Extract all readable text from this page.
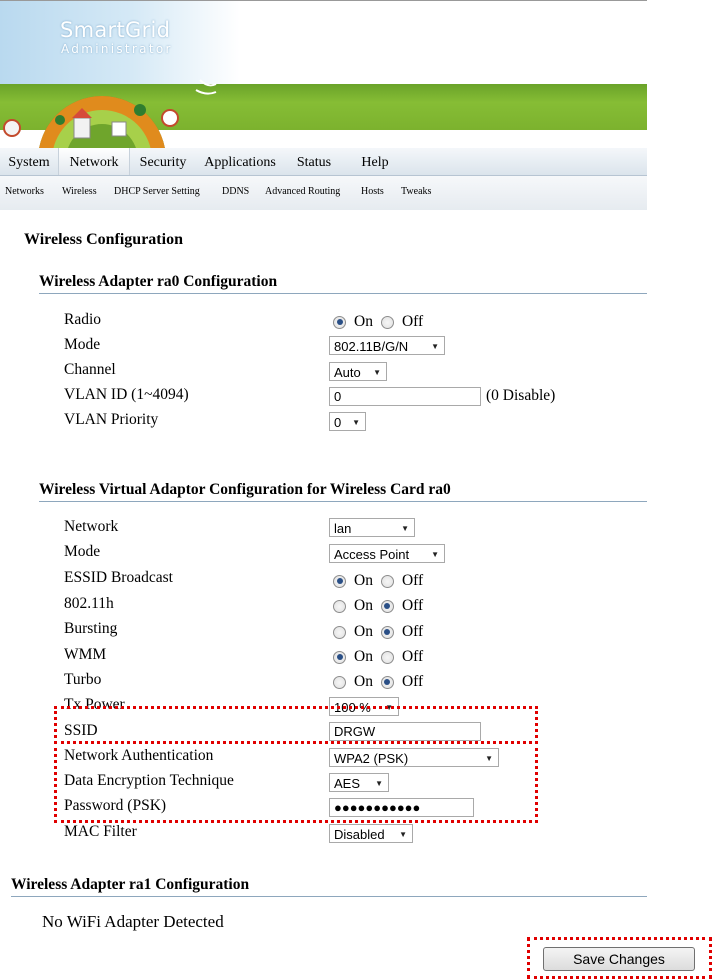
SmartGrid
Administrator
System	Network	Security	Applications	Status	Help
Networks Wireless DHCP Server Setting DDNS Advanced Routing Hosts Tweaks
Wireless Configuration
Wireless Adapter ra0 Configuration
Radio	On Off
Mode	802.11B/G/N	▼
Channel	Auto ▼
VLAN ID (1~4094)	0	(0 Disable)
VLAN Priority	0 ▼
Wireless Virtual Adaptor Configuration for Wireless Card ra0
Network	lan	▼
Mode	Access Point	▼
ESSID Broadcast	On Off
802.11h	On Off
Bursting	On Off
WMM	On Off
Turbo	On Off
Tx Power	100 % ▼
SSID	DRGW
Network Authentication	WPA2 (PSK)	▼
Data Encryption Technique	AES ▼
Password (PSK)	●●●●●●●●●●●
MAC Filter	Disabled ▼
Wireless Adapter ra1 Configuration
No WiFi Adapter Detected
Save Changes
